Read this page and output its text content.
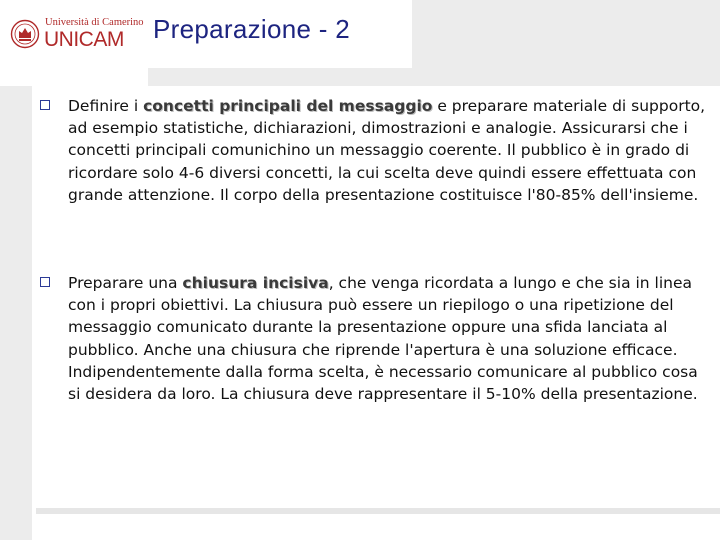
Università di Camerino
UNICAM Preparazione - 2
Definire i concetti principali del messaggio e preparare materiale di supporto, ad esempio statistiche, dichiarazioni, dimostrazioni e analogie. Assicurarsi che i concetti principali comunichino un messaggio coerente. Il pubblico è in grado di ricordare solo 4-6 diversi concetti, la cui scelta deve quindi essere effettuata con grande attenzione. Il corpo della presentazione costituisce l'80-85% dell'insieme.
Preparare una chiusura incisiva, che venga ricordata a lungo e che sia in linea con i propri obiettivi. La chiusura può essere un riepilogo o una ripetizione del messaggio comunicato durante la presentazione oppure una sfida lanciata al pubblico. Anche una chiusura che riprende l'apertura è una soluzione efficace. Indipendentemente dalla forma scelta, è necessario comunicare al pubblico cosa si desidera da loro. La chiusura deve rappresentare il 5-10% della presentazione.
